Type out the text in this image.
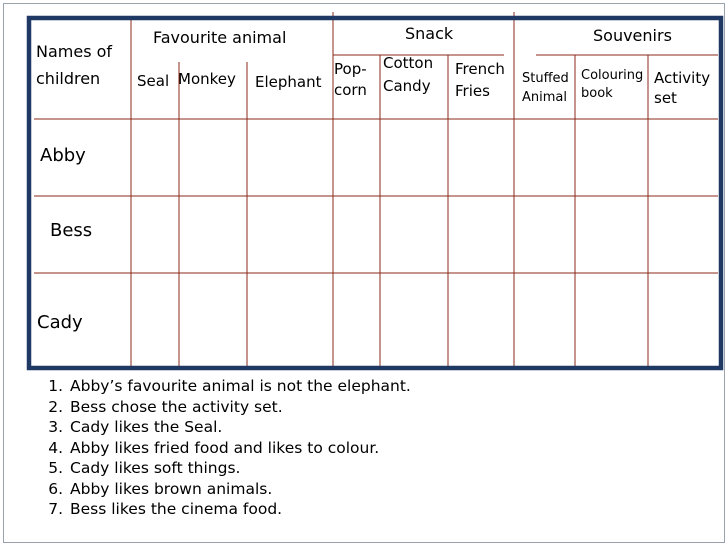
Names of
children
Favourite animal	Snack	Souvenirs
Seal Monkey Elephant
Pop-
corn
Cotton
Candy
French
Fries
Stuffed
Animal
Colouring
book
Activity
set
Abby
Bess
Cady
1. Abby’s favourite animal is not the elephant.
2. Bess chose the activity set.
3. Cady likes the Seal.
4. Abby likes fried food and likes to colour.
5. Cady likes soft things.
6. Abby likes brown animals.
7. Bess likes the cinema food.
